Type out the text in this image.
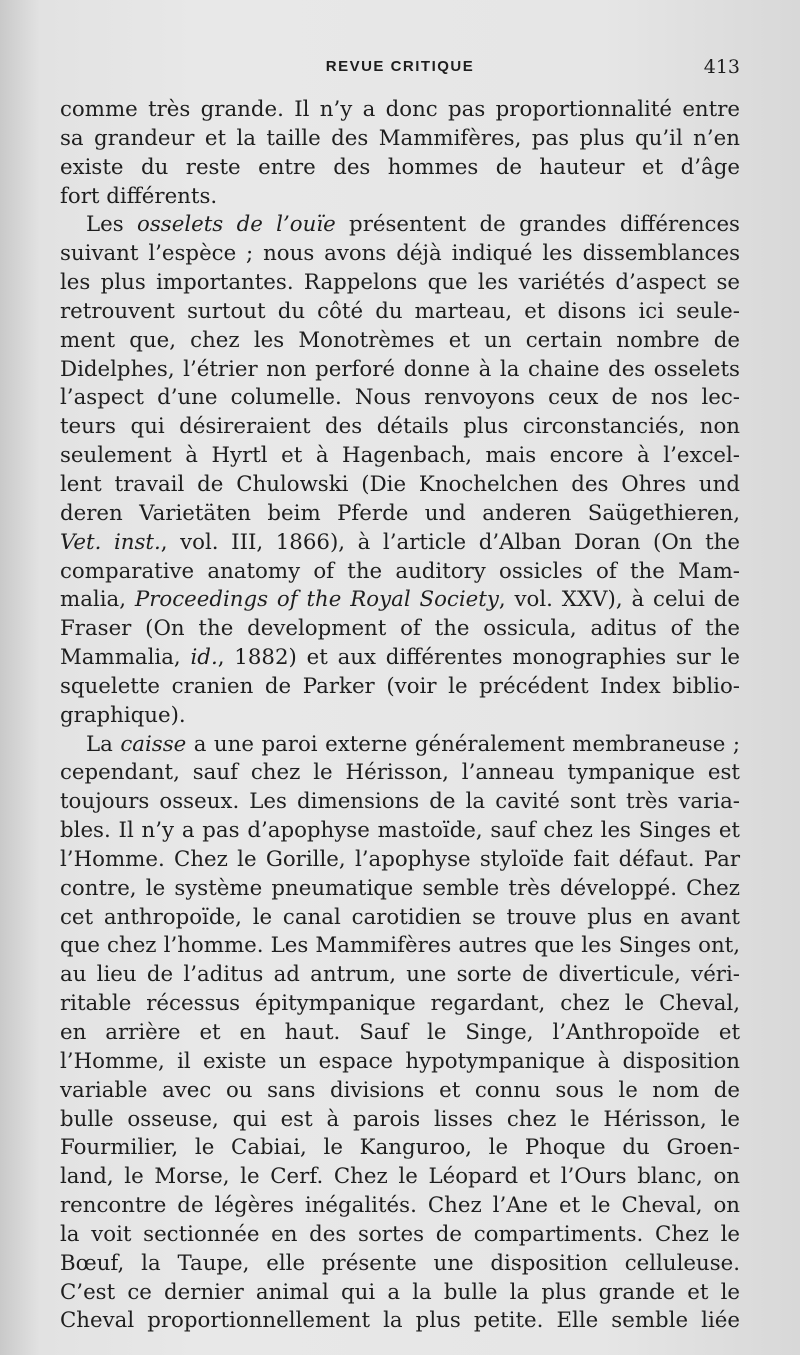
REVUE CRITIQUE	413
comme très grande. Il n’y a donc pas proportionnalité entre
sa grandeur et la taille des Mammifères, pas plus qu’il n’en
existe du reste entre des hommes de hauteur et d’âge
fort différents.
Les osselets de l’ouïe présentent de grandes différences
suivant l’espèce ; nous avons déjà indiqué les dissemblances
les plus importantes. Rappelons que les variétés d’aspect se
retrouvent surtout du côté du marteau, et disons ici seule-
ment que, chez les Monotrèmes et un certain nombre de
Didelphes, l’étrier non perforé donne à la chaine des osselets
l’aspect d’une columelle. Nous renvoyons ceux de nos lec-
teurs qui désireraient des détails plus circonstanciés, non
seulement à Hyrtl et à Hagenbach, mais encore à l’excel-
lent travail de Chulowski (Die Knochelchen des Ohres und
deren Varietäten beim Pferde und anderen Saügethieren,
Vet. inst., vol. III, 1866), à l’article d’Alban Doran (On the
comparative anatomy of the auditory ossicles of the Mam-
malia, Proceedings of the Royal Society, vol. XXV), à celui de
Fraser (On the development of the ossicula, aditus of the
Mammalia, id., 1882) et aux différentes monographies sur le
squelette cranien de Parker (voir le précédent Index biblio-
graphique).
La caisse a une paroi externe généralement membraneuse ;
cependant, sauf chez le Hérisson, l’anneau tympanique est
toujours osseux. Les dimensions de la cavité sont très varia-
bles. Il n’y a pas d’apophyse mastoïde, sauf chez les Singes et
l’Homme. Chez le Gorille, l’apophyse styloïde fait défaut. Par
contre, le système pneumatique semble très développé. Chez
cet anthropoïde, le canal carotidien se trouve plus en avant
que chez l’homme. Les Mammifères autres que les Singes ont,
au lieu de l’aditus ad antrum, une sorte de diverticule, véri-
ritable récessus épitympanique regardant, chez le Cheval,
en arrière et en haut. Sauf le Singe, l’Anthropoïde et
l’Homme, il existe un espace hypotympanique à disposition
variable avec ou sans divisions et connu sous le nom de
bulle osseuse, qui est à parois lisses chez le Hérisson, le
Fourmilier, le Cabiai, le Kanguroo, le Phoque du Groen-
land, le Morse, le Cerf. Chez le Léopard et l’Ours blanc, on
rencontre de légères inégalités. Chez l’Ane et le Cheval, on
la voit sectionnée en des sortes de compartiments. Chez le
Bœuf, la Taupe, elle présente une disposition celluleuse.
C’est ce dernier animal qui a la bulle la plus grande et le
Cheval proportionnellement la plus petite. Elle semble liée
